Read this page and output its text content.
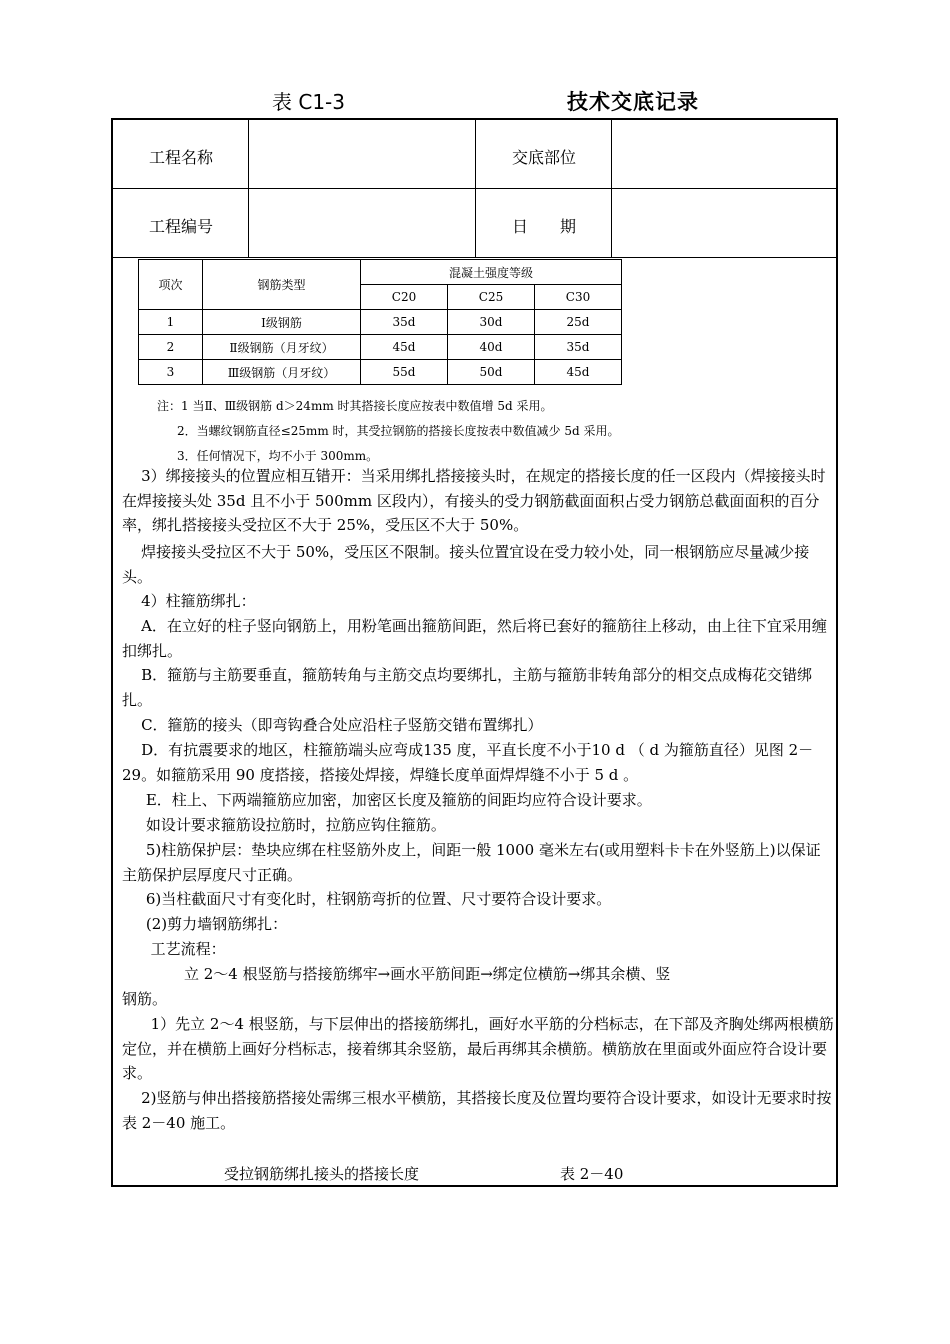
表 C1-3	技术交底记录
工程名称	交底部位
工程编号	日　　期
项次	钢筋类型	混凝土强度等级		
		C20	C25	C30
1	Ⅰ级钢筋	35d	30d	25d
2	Ⅱ级钢筋（月牙纹）	45d	40d	35d
3	Ⅲ级钢筋（月牙纹）	55d	50d	45d
注：1 当Ⅱ、Ⅲ级钢筋 d＞24mm 时其搭接长度应按表中数值增 5d 采用。
2．当螺纹钢筋直径≤25mm 时，其受拉钢筋的搭接长度按表中数值减少 5d 采用。
3．任何情况下，均不小于 300mm。
3）绑接接头的位置应相互错开：当采用绑扎搭接接头时，在规定的搭接长度的任一区段内（焊接接头时在焊接接头处 35d 且不小于 500mm 区段内），有接头的受力钢筋截面面积占受力钢筋总截面面积的百分率，绑扎搭接接头受拉区不大于 25%，受压区不大于 50%。
焊接接头受拉区不大于 50%，受压区不限制。接头位置宜设在受力较小处，同一根钢筋应尽量减少接头。
4）柱箍筋绑扎：
A．在立好的柱子竖向钢筋上，用粉笔画出箍筋间距，然后将已套好的箍筋往上移动，由上往下宜采用缠扣绑扎。
B．箍筋与主筋要垂直，箍筋转角与主筋交点均要绑扎，主筋与箍筋非转角部分的相交点成梅花交错绑扎。
C．箍筋的接头（即弯钩叠合处应沿柱子竖筋交错布置绑扎）
D．有抗震要求的地区，柱箍筋端头应弯成135 度，平直长度不小于10 d （ d 为箍筋直径）见图 2－29。如箍筋采用 90 度搭接，搭接处焊接，焊缝长度单面焊焊缝不小于 5 d 。
E．柱上、下两端箍筋应加密，加密区长度及箍筋的间距均应符合设计要求。
如设计要求箍筋设拉筋时，拉筋应钩住箍筋。
5)柱筋保护层：垫块应绑在柱竖筋外皮上，间距一般 1000 毫米左右(或用塑料卡卡在外竖筋上)以保证主筋保护层厚度尺寸正确。
6)当柱截面尺寸有变化时，柱钢筋弯折的位置、尺寸要符合设计要求。
(2)剪力墙钢筋绑扎：
工艺流程：
立 2～4 根竖筋与搭接筋绑牢→画水平筋间距→绑定位横筋→绑其余横、竖
钢筋。
1）先立 2～4 根竖筋，与下层伸出的搭接筋绑扎，画好水平筋的分档标志，在下部及齐胸处绑两根横筋定位，并在横筋上画好分档标志，接着绑其余竖筋，最后再绑其余横筋。横筋放在里面或外面应符合设计要求。
2)竖筋与伸出搭接筋搭接处需绑三根水平横筋，其搭接长度及位置均要符合设计要求，如设计无要求时按表 2－40 施工。
受拉钢筋绑扎接头的搭接长度	表 2－40
